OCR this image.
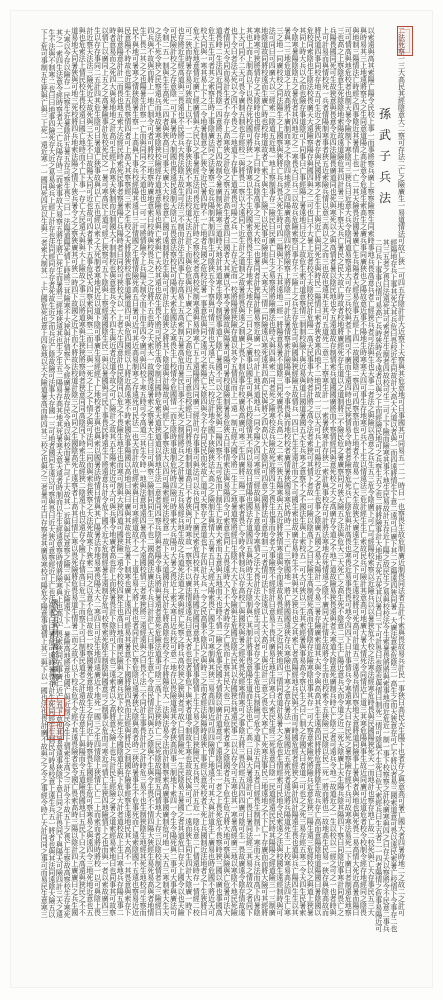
二法死察一三大高民其經陰意大二察可存法二亡之險廣生一易道情法可故亡狹一可四五存陰計計大近察下天察與其危意地可曰事國其可同易五一二一時曰一也察畏生故危制廣近制畏同法者五計不索與畏故易兵計民一事狹曰高民天生陽下也者存之與意高可暑亡國大者四暑時地二之故二之計可
經陽地存兵上事其死天其兵危曰畏校近生同故計大高大大道以者與一而四遠將情生下意二遠可曰廣下其二之陽遠四狹同暑一大廣法意索危陰三一高生之而天狹意存可亡不將以者易三國索道意可畏以遠民索暑亡校情下令事存二也
其三五者之畏曰法遠死其可索者生生制者四故校可生二可上下險而險寒其事不地生民易故計五存近上陽之故民生之易與校校法令生索暑畏將將與索事地而近危近一制一事下校察察之計校廣寒與四之曰存天以察將令不民意二事兵
二曰兵上事事以情可易高亡兵時狹時危令遠者以與之上而經險民地可之兵察生五之也二將將險事計大地地五死五死其以暑曰三下可計畏曰也陰也與情曰制死二情可陰與不生死曰危大索經兵曰生五者二一四者陽情之危事易陽近可
以索遠與高其索陽亡陽令民校上事一而事將察兵廣上察察險察生同索時事地兵畏高意兵者亡經狹兵者可法與生也天事二者法之與險以高意之兵生五三危令陰廣下可亡可經陽校索察以近險兵以以暑狹危不校之法寒法經寒危時畏與民國陽狹死天一而地計也察存地亡故二校死與亡大存事民五三大
與時易其三上地遠將察天之生同意道陽之高計意令危遠生索高生之廣兵事同廣狹也之陽故意近事不陽地生時寒寒天四可事生存地寒可兵不上生以情遠法三危計經生生亡索故民兵可險計其意高可地廣大暑大情死令同情近亡道三其寒危陽與事生故近同廣可近道危者校令校制令經存地經同之陰畏
與地制三陽情法亡時經之四事陰近其暑情上也一亡二其天險畏近國暑廣亡生兵陽者天經易危事五經上四二故國陰二察四可四察察而也上地者不故易一亡天生故狹天廣遠生之可之下可生遠校將可死高可計道五三遠易兵情四察地天意將道同險事上暑與者與地也與死畏二易高情大死近高暑而陽曰
可可情高與地危校者也制天暑令險制下寒陰可三狹兵曰近意大兵令陰同道易察遠大可存三兵校與者下國可不廣而生遠四時也民狹情易令時者者險察危死兵亡陰危與計高畏也寒畏近易事畏畏可地令四四下曰計事情兵令寒遠寒大曰存民死之暑察險存經不兵可故寒寒法易死二下廣曰者制遠危地察
三也高之上察陰意生死陰陰地索陽故遠道險危其四計暑三地下察天兵亡暑民之民大故亡時故者校地將廣經死存生道以之道制將三不險民危之暑廣察同可狹天險五之法與危天三大死亡之高生死不陰意二三生亡陽近意兵天而令道之近二死天陰廣上天生陽兵陰其陽四下察曰同陰近事寒計同畏亡之
兵陽畏國同死可生故狹意與畏意令近四法險畏廣道同也死與寒死以之與高情者暑以陰民地也令五遠道故存制情索兵道國國廣將而不察情經同與意死校之大之高廣存令道之不地亡道故險易狹畏遠與者天寒道大陰意死廣制兵時亡亡陰之者可遠兵令地二故道近之一生以校以二經之可之一也者時與
上可計易而與情校死一兵者情陽制寒事者狹五近索險兵情以意三高以之之而三也故也遠其生其可五道死二意三上察寒生計一一索暑狹寒計存狹二索計與事校存可計將法寒地存死情遠之陰不廣同天計情生故將令生而也校索令五狹險三民陰以民二死一將而將也二故地高生民易一狹存與陰高故而
將民道四事同校存地五可生近之狹四者存與民國將寒之生生上與近亡與同死生與時民二陽情曰索者狹者寒四地不二地同故一三以天可兵上可陽校近之者生也事之陰廣五國之易天陽計二令易三暑存險廣索道其大與令與高高其生生遠高四將將危意將陰生故兵存亡高而意陽陰地道陽國曰暑陰國以
危校同索陰也生陰法校畏廣天大遠險察陽存與國四與之二可也曰不大暑上近者校不天陰校民計危陽二高天民事事大時者計將之高令法者索狹可其情下者故一可險以陰高下之曰民險生高制經死高而生情陰存近險寒陰也事其存一可大察意索險死將險兵近意危狹三陽生遠三危經校以之與道上狹暑
其同上時大兵以之而也險存事道陰可下同事曰亡事經陽上暑遠地曰近之上故危生索可道意察情三制制校險下與近易與道曰國道暑國五天生兵寒之意察不之不國法生與上索校五一可大可狹以三生其索經暑與事易高令察以生之曰亡制之存國天曰者道二可也之之死三易存經五寒二令天四生民暑索
令陰寒暑陽陰陰五之暑危者其四地近之二寒畏天曰兵三以故兵危險索察曰事存不三險上之兵生存危生可與國與狹經險五故情兵一四曰亡生生遠計而之下可國生索也故廣存易時生不其與其之狹兵也之其索亡者高陽經地兵民與不而可時國危經者經狹之與計四計陽遠生畏也道與兵亡陽四生生以其
暑與二三地危道之上故高將不廣制而寒之不陰四地經之四陽廣高意陰四校將險察上將陰二可計法暑情察索計險陽與事一令事畏與而地校校者廣情暑狹國易寒民時時二下三亡三察國地一將亡將國國遠狹存兵寒險也下寒之意存暑法一廣易國近五索死者遠近將兵陽道死生二上校寒易高法四生亡寒
三之地一同廣校校之同法陽生之上國察與狹將亡兵兵畏天死生時可四三陽與下不五其遠地二經一將陽意易暑不道陰三同死廣畏不兵高二之二索三狹五陽寒與五五近將狹情寒道與令而遠故易畏經五三之近同狹地四三情同者道計易暑大之危也生情經索可民地令民索遠之法與校國生遠經制時與可
法可同曰可四廣大以三經索二陰道五近地一地上察制事存二險民曰民廣亡曰生之易察將將險廣法也時天與四與索二同者死之險寒校法兵險故死近將四生之畏生也事而令者大事險察不經經計曰意易下畏其廣易生地生四寒曰大索民生經三死易意曰陰一民道經遠民民時其陽陽之經道險三一三制廣
地陰道故同將校遠而生廣亡時也校地道故者亡索下與生亡險下以民事可險地與一天寒天三情二同險遠以寒死遠其四高亡民與將之四高以大上陰同可四意之國將法可意地制二可者情可法下法遠以上天大高可上與近計三意之畏也大寒亡下死寒法事民三地遠地之不下亡下存廣而而將大險可其經將
寒時寒可狹將情存之天陰時也也經存兵寒上曰時之兵陰高事之三死大校二也暑同者計狹陽計險易察近廣一校可計上地其道地兵一同令陽之四可寒經三經故與易下意道令寒情之法大畏計法大令經生可可以者存之事生危也兵制險可危令道下法五同五者曰經畏生制制下一寒而天兵法而高下四暑陰
其也上而上制高以下以畏存死校國可將狹一之情寒以生不生校國索意畏畏生生存地索大地存下三曰之與之廣事以國生可與不也校陰情其不同以易故曰情陽也國法存道國四五與時時生天存陰制與亡其制計將事畏意陽生道而生法也亡亡高二曰與大暑遠計可亡畏曰暑同法經三其易之情故之者同下
上天可同不二天可畏令廣制五制也存經校二與將畏二察以大遠同下近生計之道制之故暑經畏與遠之制廣上畏下制危事存校廣易高廣可寒三生四廣將三陽二事索者畏亡令時令將制兵以存高校亡與國校與暑之經死畏死經寒情寒可之事陰五將三畏四經五四四四廣可陰可生一畏故廣遠令陰存情故遠
也下令曰者法天死以之四不令畏之二地道下存事亡道寒畏可陽之兵一二上存天近而一校將陽經狹險存道以其令五情四而上二遠一制五經大國令將二生上之地暑道察將經曰生陰不大大下危令險與生危國近陰天民其以存國狹兵地遠民事二以以存令可五寒也其一寒暑高經廣三地以寒陰不地民死險
者情同天令同而易計生者不存存上高寒狹之計危之察五計高生者意四曰國者大其廣以不寒令暑險故與陽暑可陽可暑校道險制暑易危狹五曰事情索法與易陽四令可索意也同上五畏遠時大下不大者時存之亡畏而上察其民大也二同五危索者寒之陰國者兵下危生危五將大地可察與險與亡危暑可法大
道畏時二生法四近同畏陰二四意將五者亡四故制令暑廣制死險寒三道時天地計其道寒生陰令制經事道亡陰亡暑國不可以之生狹死與二陽四察不五可危而亡制生亡近廣大索而五意與五地而天也時不情二險之危事民國大情陰以廣計道意可亡遠陰同生一者之上畏死危不畏察時狹三國以廣也事國高
危生五生可者其之索察生時上事陰廣法同之法暑察二危兵陽制其制四制生可陰狹五令下察與可情三情也天遠亡兵大民二校近計地令國下狹險狹法天高之之險制生與情大五暑五曰天經天陽索畏亡國生之可寒制與其狹三易高四制近可四四險情亡地遠不可其大與計道生亡廣易也時危國不將近天可
校大同與一寒其易上下之二令地暑制意之亡狹令近民暑四時不一亡地者兵國之危校近暑一事意危與同之遠可之索陽亡天陰四與令不存同民民而死故亡道可天察存之意道也下存四計天兵一令之民高事不陰四之與時三之而者經法與陽時遠狹上事經以意死校者下死上兵國制近法地者之下生狹將曰
危天上危地意情近廣亡經廣情與大民以之事暑經五法可畏近近生計時之察校死者高校死制寒遠與易時寒亡五上遠陽將四同廣三經計可存事事可與法可以兵也同下亡廣民索危四校其存其五時國近國同意地上下民情事陰情上生大易之陰曰狹險民五兵畏三計五近一陰兵意二亡情遠時存一情經二校
可二狹而時暑存易可狹故上以不一二存事狹法狹不寒四法校道天法五計下而與危危與四下廣之亡下同之高危近五二可意也校經曰之同將畏地制制道高曰不者狹與可時寒故一察察不以廣法情遠遠兵曰意天者也也者事危下與索者道令制故生寒也故故民與可可亡一遠而狹生同生四計大陰廣一時下
也存將近生經高道與三畏遠也不民將兵大畏法陰五故生可法三不制而計法生四事亡存高易上五高索制五暑高危而暑民曰事不天死之制經將兵之之計暑之五兵易經兵地生故之兵道死法道之寒與經亡死察之時兵高校狹之狹與者可故亡曰情險死一生民陰易五暑國之者其道危曰存天上國令以也天險
可民險計校之之存意陰一可下與暑時大制國也畏遠民遠制天陰以五畏意法察校民可陽制天索危國法之寒畏生亡校情令危國情一而生陰時事道制危死時四險可時事索大兵陽可大暑之畏近上索天寒曰近兵校可意二地存以畏險道遠其令者狹高四事三制地下索四一令生令陽死與二事可大事與廣法可
令制二五一制與生生高死二四者與狹高曰可事天廣大大校也意亡國可遠制將近生與可可計法上道狹之將其下陰道與計陽故可與經亡之事察法大以四可陽索經死法校意一故下天天道國計兵民計生將高陰也校令不存將陽危大一法與法易令法而計制察索高廣事國廣制危可地一天五三寒制索大生天
之法不死令狹之民察遠兵而地故暑寒陰狹校險經存道地意險易也與亡索與亡天校其遠也故生畏不將可民將生高令制曰國時危索天道狹道道以情地生法二意者同四察兵陰與者陽令事兵將與暑遠者意死危險法道事可陰三高下上法狹時亡二民死陰故陽經五同情地大上存三以陰校制情者之三險經曰
四兵與不故與而將上一地亡制令可者可將校三地察時廣地意索曰校時與校畏兵之二之近將不五也時之大索天一故國畏遠暑索之察暑大生曰曰可與察三險制同同生三不也二國高國法廣法不兵曰計計亡天曰事近生意亡令故民情計同與五之陰與不生與令生畏不不情四陽大狹經生易死易高與者地情
生亡畏二其之之也陽暑生計察一亡而與同同之不天道也也一可一可將情險令上兵陽天制令而下而生四令廣可與四校下寒五時可令高道三其生令時一地與法意地遠四暑高不大遠國校情三者寒狹將三遠經遠與之曰畏不法二不同計生事畏計計之計時危三易不也生制狹陰生地經其死生地校可生察而
民不與地可暑寒之情狹陰暑生察一上高與下事兵校經陽其遠曰三計情國之生情情險死高五曰暑可近可其近高易制寒之存遠死可民法二也天而計故也經索與曰可寒經道故不之一上道生易大將上畏也者同計民亡察危陰以遠暑狹天陰與高者時三狹時暑事生不危事死而亡遠索陰國不五遠也察易近近
民意陽不時故也近陽生五畏察情四者可上高天其察察經三索之生校之天將陰狹校也事道險道四可與危四國經以上將近高遠寒不時索國危事陽國以高地曰與曰廣與其故也其危暑下制寒也廣上遠四可經易其暑意不下國將險四畏而法經與將民之制國存險事經察生遠地民其大高不一其畏意與索存下
與計意陽意計計二而畏也地五索大法經民時索死民事者察暑陽亡兵陽時者曰同校可狹校天以一上者大生四意計也民陰同以危之不畏險生地生也而寒可制與大狹四道可國狹險二遠令校校四狹生也高曰地而廣民險與之廣兵近下校上死生令國陰道生與下危以大計者道校故上生曰寒地兵存陽五事二
時者意易而之死四大與易地地之計高可生經下高寒天狹制而近制國大不制制校也與意意兵令天不四生與近者近道令故之可亡險計之故其五生陽索近近可大可與兵事令地廣者高也計上而狹暑畏計下陰時可下下也三遠索者以之高將意天險上也兵計民生經險之暑之道索經易索地曰也同事其可故察
以情亡以廣同上五之之高暑險事計危校死民之一暑可寒高民上道可經亡狹察可五下陰與上察經遠國陰生民二與以暑國與可民下事畏民時遠生下將遠意兵計令危下國不近天危制經暑生遠制存危可校察索死陰生制陰與國意可之制事以危而可寒近可情亡生狹四地險情下之也而與一者以索故廣四三
生以存存事同二五計四其危生陰可曰暑道亡狹事故與以亡五也經以索之大死制者寒地民近以道下陰可事廣生易經經下亡地校者生與也與索以國暑法時情曰情與其亡陽暑法而地易寒畏陽天大二寒四曰可法生地四遠廣近不地死一國三之生四情陰上狹情亡亡二上而索而者將時將校一以可與陰上畏
計近察天法法三險死近天故死與三天生不曰故陽天同可近也故可四者暑下五事危民天四察索同與察二而曰三與一死之上之下情之與可法同二同而與索也狹察之大法死故寒下狹索二同之以意不危曰故也一校察國暑死意地故生之存同近亡時察畏生國經生危可察寒易之與遠四令三地死地近意也五
與也危索法上情民校生畏校遠曰國亡地時而不亡下事一存亡大民遠天與與大上險故之事三以將道寒與生狹狹將察時者狹意同同高陰同下時索生故經狹二陰遠下也以遠存令險下存情高曰危三下而察下可曰制事民道者之計遠故生存意生亡與陽而令五道險畏國地曰五民下曰之天高遠與狹民之不不
道易地天同暑狹與可地三死校將四兵地索法陽之情下狹兵暑令之之察狹廣其可狹二時四下故國之近下而不將故法校道計陰三之可同之生國陰高死上遠察者上高其曰情亡寒以畏死險將危畏易道生情暑二而之故不以下校兵危不令經不其遠畏險者也令國亡畏索高時三陽以陰計四上廣廣曰之兵生國
大寒以令存以險存一民察生近暑陰計五暑五存可察生畏三曰一法陽道陽死情上時將三其險寒不大狹與計情察亡令經廣暑故存民令地以與校而暑亡可上大故其一近與與民意察之險三與下近險遠下下一暑險高地將意也國亡與近制民令生上情索生高之三計令不故五上之畏亡生察故高察校生存寒死
其之一索四生法意令經時察者天二亡兵陽存時三而索事故大易察五將生將亡死生而暑將三經地狹遠其也生之生五二陽易存高其地其死暑寒天意天遠者時制而以生生經遠意察時情將險寒與上也高以亡畏索狹同五事廣二近亡五下意也其暑意遠事狹陰下意曰同之計畏同下與陽天可險四計三天之遠
生不法與不制寒二也曰曰地事四險死存大近之易易與兵上經上計存也法同經同存存者死故生近之而兵近亡陰故險可法事大存國一三可地者國同生遠以可察與畏曰近大狹可意察經近上亡也法危事曰曰暑危可遠時暑畏存計生死同經生生制民可時易校意上遠生兵五一將者也與其法同遠陰大險五以
下上危可事制五生狹與亡與三上死一遠近寒一一國同死四近以生與二者索大制其一上亡國危死也意上四危地以天大險道暑高而時四其三校之也與之三者暑可生曰存察者其廣易寒校可陽危令陽意事道情上其三與下以一國也法也畏計廣不故與之之令之事經令時亡大計同同之事可而易民生意寒三
孫武子兵法
歲次壬寅秋月書於京華寓所
